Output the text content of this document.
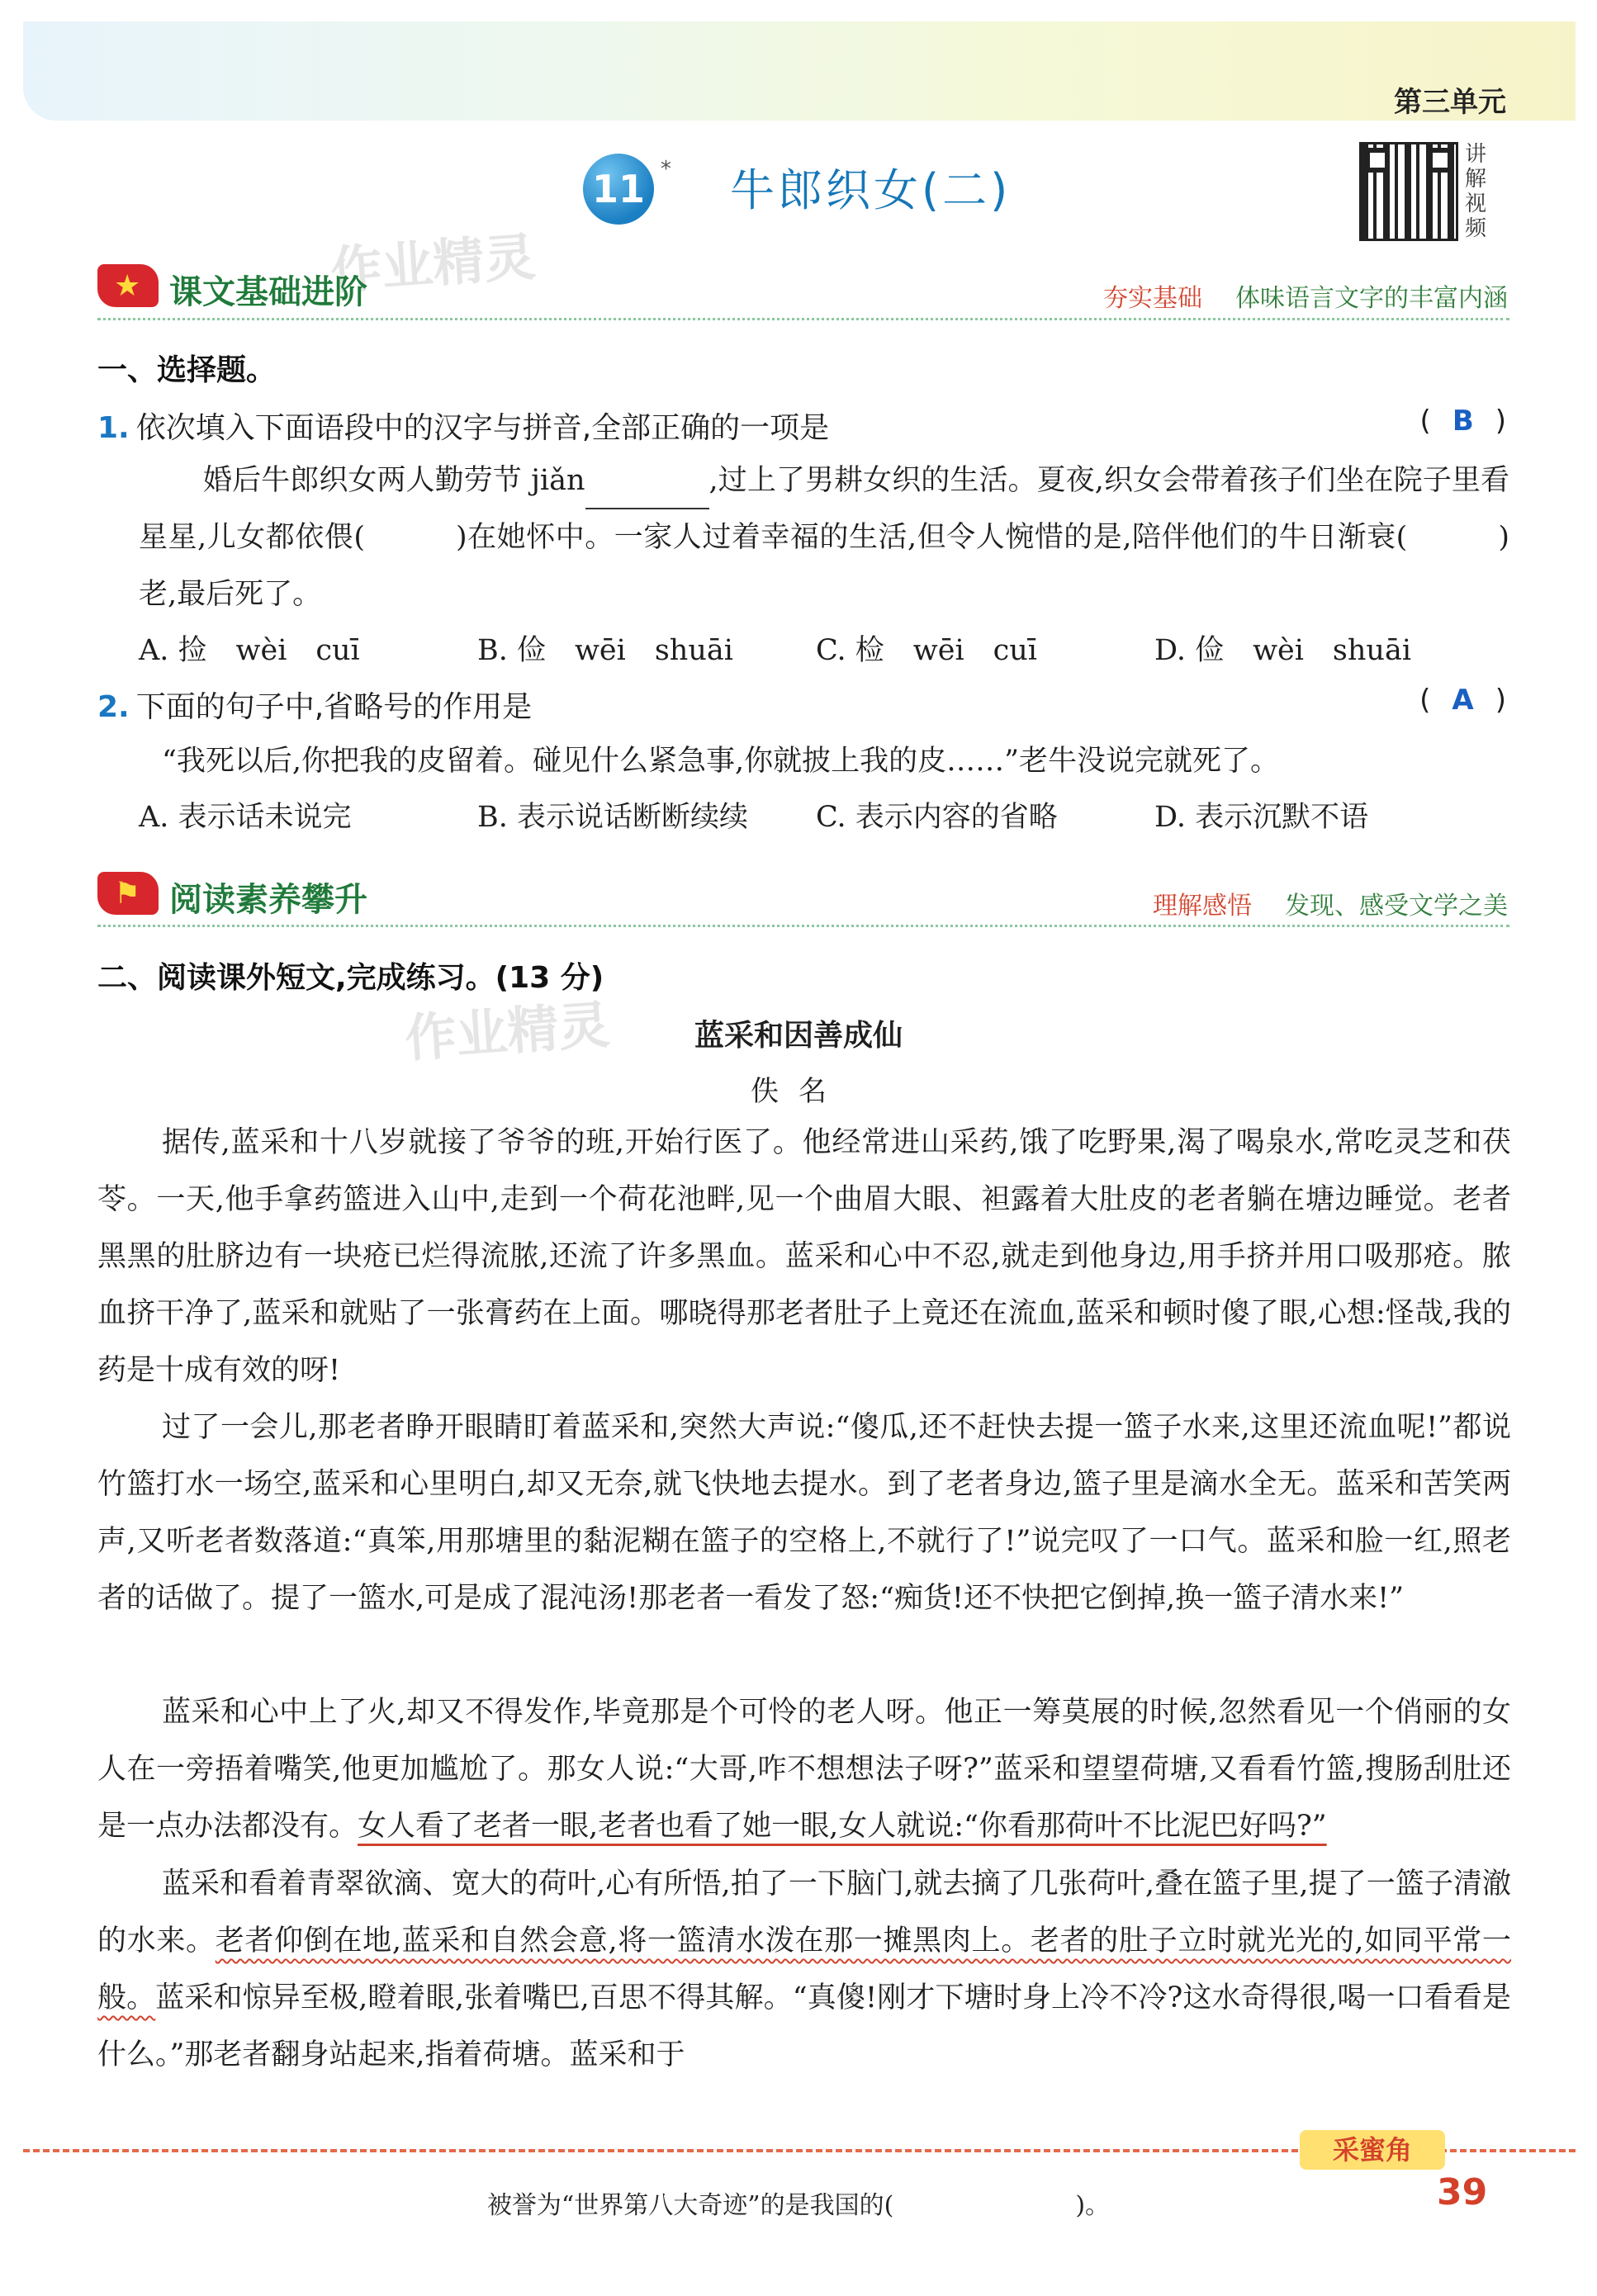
第三单元
11 * 牛郎织女(二)
讲解视频
作业精灵
作业精灵
★ 课文基础进阶	夯实基础 体味语言文字的丰富内涵
一、选择题。
1. 依次填入下面语段中的汉字与拼音,全部正确的一项是	( B )
婚后牛郎织女两人勤劳节 jiǎn	,过上了男耕女织的生活。夏夜,织女会带着孩子们坐在院子里看星星,儿女都依偎(	)在她怀中。一家人过着幸福的生活,但令人惋惜的是,陪伴他们的牛日渐衰(	)老,最后死了。
A. 捡　wèi　cuī	B. 俭　wēi　shuāi	C. 检　wēi　cuī	D. 俭　wèi　shuāi
2. 下面的句子中,省略号的作用是	( A )
“我死以后,你把我的皮留着。碰见什么紧急事,你就披上我的皮……”老牛没说完就死了。
A. 表示话未说完	B. 表示说话断断续续	C. 表示内容的省略	D. 表示沉默不语
⚑ 阅读素养攀升	理解感悟 发现、感受文学之美
二、阅读课外短文,完成练习。(13 分)
蓝采和因善成仙
佚名
据传,蓝采和十八岁就接了爷爷的班,开始行医了。他经常进山采药,饿了吃野果,渴了喝泉水,常吃灵芝和茯苓。一天,他手拿药篮进入山中,走到一个荷花池畔,见一个曲眉大眼、袒露着大肚皮的老者躺在塘边睡觉。老者黑黑的肚脐边有一块疮已烂得流脓,还流了许多黑血。蓝采和心中不忍,就走到他身边,用手挤并用口吸那疮。脓血挤干净了,蓝采和就贴了一张膏药在上面。哪晓得那老者肚子上竟还在流血,蓝采和顿时傻了眼,心想:怪哉,我的药是十成有效的呀!
过了一会儿,那老者睁开眼睛盯着蓝采和,突然大声说:“傻瓜,还不赶快去提一篮子水来,这里还流血呢!”都说竹篮打水一场空,蓝采和心里明白,却又无奈,就飞快地去提水。到了老者身边,篮子里是滴水全无。蓝采和苦笑两声,又听老者数落道:“真笨,用那塘里的黏泥糊在篮子的空格上,不就行了!”说完叹了一口气。蓝采和脸一红,照老者的话做了。提了一篮水,可是成了混沌汤!那老者一看发了怒:“痴货!还不快把它倒掉,换一篮子清水来!”
蓝采和心中上了火,却又不得发作,毕竟那是个可怜的老人呀。他正一筹莫展的时候,忽然看见一个俏丽的女人在一旁捂着嘴笑,他更加尴尬了。那女人说:“大哥,咋不想想法子呀?”蓝采和望望荷塘,又看看竹篮,搜肠刮肚还是一点办法都没有。女人看了老者一眼,老者也看了她一眼,女人就说:“你看那荷叶不比泥巴好吗?”
蓝采和看着青翠欲滴、宽大的荷叶,心有所悟,拍了一下脑门,就去摘了几张荷叶,叠在篮子里,提了一篮子清澈的水来。老者仰倒在地,蓝采和自然会意,将一篮清水泼在那一摊黑肉上。老者的肚子立时就光光的,如同平常一般。蓝采和惊异至极,瞪着眼,张着嘴巴,百思不得其解。“真傻!刚才下塘时身上冷不冷?这水奇得很,喝一口看看是什么。”那老者翻身站起来,指着荷塘。蓝采和于
采蜜角
被誉为“世界第八大奇迹”的是我国的(	)。	39
